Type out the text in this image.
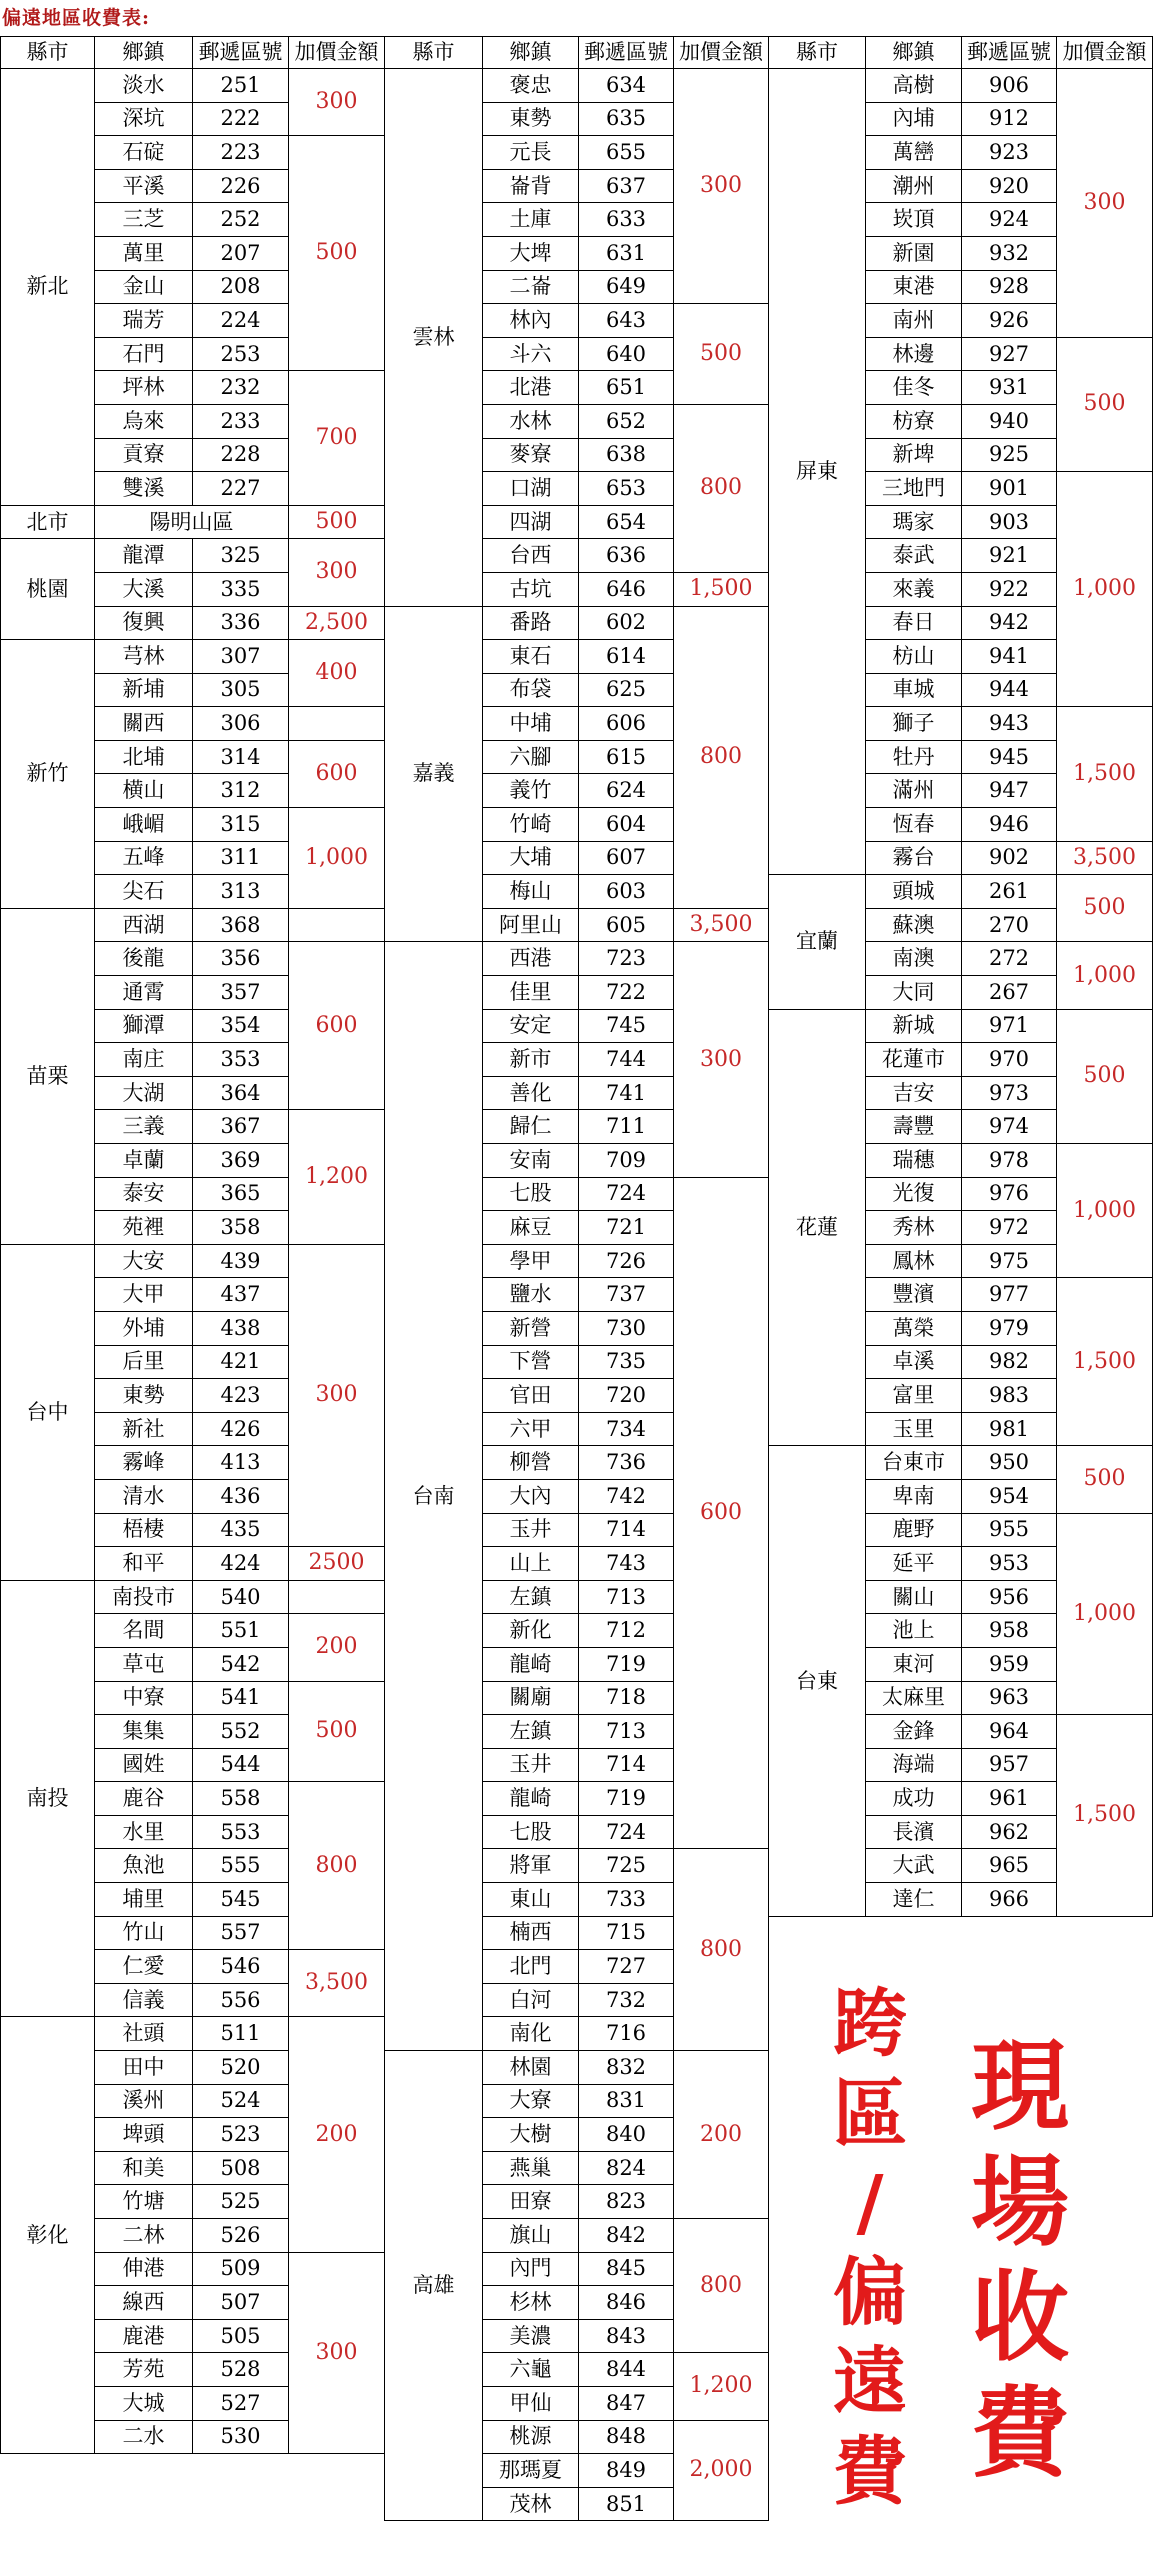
偏遠地區收費表:
縣市	鄉鎮	郵遞區號	加價金額
新北	淡水	251	300
	深坑	222	
	石碇	223	500
	平溪	226	
	三芝	252	
	萬里	207	
	金山	208	
	瑞芳	224	
	石門	253	
	坪林	232	700
	烏來	233	
	貢寮	228	
	雙溪	227	
北市	陽明山區		500
桃園	龍潭	325	300
	大溪	335	
	復興	336	2,500
新竹	芎林	307	400
	新埔	305	
	關西	306	
	北埔	314	600
	横山	312	
	峨嵋	315	1,000
	五峰	311	
	尖石	313	
苗栗	西湖	368	
	後龍	356	600
	通霄	357	
	獅潭	354	
	南庄	353	
	大湖	364	
	三義	367	1,200
	卓蘭	369	
	泰安	365	
	苑裡	358	
台中	大安	439	300
	大甲	437	
	外埔	438	
	后里	421	
	東勢	423	
	新社	426	
	霧峰	413	
	清水	436	
	梧棲	435	
	和平	424	2500
南投	南投市	540	
	名間	551	200
	草屯	542	
	中寮	541	500
	集集	552	
	國姓	544	
	鹿谷	558	800
	水里	553	
	魚池	555	
	埔里	545	
	竹山	557	
	仁愛	546	3,500
	信義	556	
彰化	社頭	511	200
	田中	520	
	溪州	524	
	埤頭	523	
	和美	508	
	竹塘	525	
	二林	526	
	伸港	509	300
	線西	507	
	鹿港	505	
	芳苑	528	
	大城	527	
	二水	530	
縣市	鄉鎮	郵遞區號	加價金額
雲林	褒忠	634	300
	東勢	635	
	元長	655	
	崙背	637	
	土庫	633	
	大埤	631	
	二崙	649	
	林內	643	500
	斗六	640	
	北港	651	
	水林	652	800
	麥寮	638	
	口湖	653	
	四湖	654	
	台西	636	
	古坑	646	1,500
嘉義	番路	602	800
	東石	614	
	布袋	625	
	中埔	606	
	六腳	615	
	義竹	624	
	竹崎	604	
	大埔	607	
	梅山	603	
	阿里山	605	3,500
台南	西港	723	300
	佳里	722	
	安定	745	
	新市	744	
	善化	741	
	歸仁	711	
	安南	709	
	七股	724	600
	麻豆	721	
	學甲	726	
	鹽水	737	
	新營	730	
	下營	735	
	官田	720	
	六甲	734	
	柳營	736	
	大內	742	
	玉井	714	
	山上	743	
	左鎮	713	
	新化	712	
	龍崎	719	
	關廟	718	
	左鎮	713	
	玉井	714	
	龍崎	719	
	七股	724	
	將軍	725	800
	東山	733	
	楠西	715	
	北門	727	
	白河	732	
	南化	716	
高雄	林園	832	200
	大寮	831	
	大樹	840	
	燕巢	824	
	田寮	823	
	旗山	842	800
	內門	845	
	杉林	846	
	美濃	843	
	六龜	844	1,200
	甲仙	847	
	桃源	848	2,000
	那瑪夏	849	
	茂林	851	
縣市	鄉鎮	郵遞區號	加價金額
屏東	高樹	906	300
	內埔	912	
	萬巒	923	
	潮州	920	
	崁頂	924	
	新園	932	
	東港	928	
	南州	926	
	林邊	927	500
	佳冬	931	
	枋寮	940	
	新埤	925	
	三地門	901	1,000
	瑪家	903	
	泰武	921	
	來義	922	
	春日	942	
	枋山	941	
	車城	944	
	獅子	943	1,500
	牡丹	945	
	滿州	947	
	恆春	946	
	霧台	902	3,500
宜蘭	頭城	261	500
	蘇澳	270	
	南澳	272	1,000
	大同	267	
花蓮	新城	971	500
	花蓮市	970	
	吉安	973	
	壽豐	974	
	瑞穗	978	1,000
	光復	976	
	秀林	972	
	鳳林	975	
	豐濱	977	1,500
	萬榮	979	
	卓溪	982	
	富里	983	
	玉里	981	
台東	台東市	950	500
	卑南	954	
	鹿野	955	1,000
	延平	953	
	關山	956	
	池上	958	
	東河	959	
	太麻里	963	
	金鋒	964	1,500
	海端	957	
	成功	961	
	長濱	962	
	大武	965	
	達仁	966	
跨
區
/
偏
遠
費
現
場
收
費
